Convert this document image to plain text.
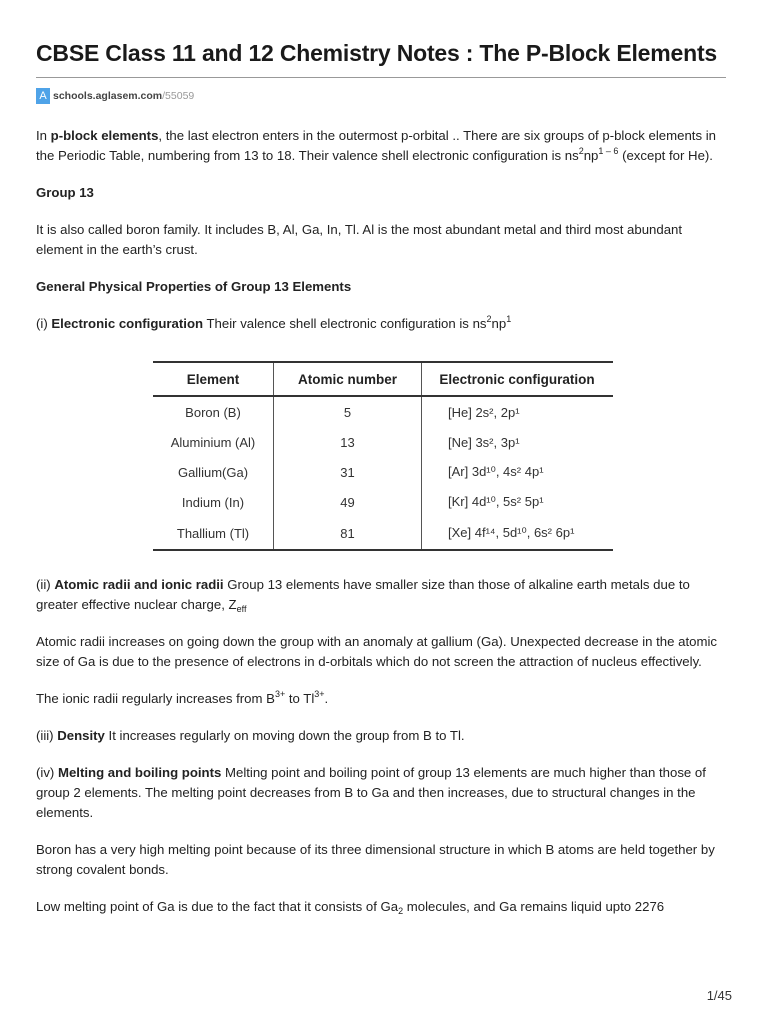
CBSE Class 11 and 12 Chemistry Notes : The P-Block Elements
A schools.aglasem.com /55059

In p-block elements, the last electron enters in the outermost p-orbital .. There are six groups of p-block elements in the Periodic Table, numbering from 13 to 18. Their valence shell electronic configuration is $ns^2np^{1 - 6}$ (except for He).

Group 13

It is also called boron family. It includes B, Al, Ga, In, Tl. Al is the most abundant metal and third most abundant element in the earth’s crust.

General Physical Properties of Group 13 Elements

(i) Electronic configuration Their valence shell electronic configuration is $ns^2np^1$

Element	Atomic number	Electronic configuration
Boron (B)	5	[He] 2s², 2p¹
Aluminium (Al)	13	[Ne] 3s², 3p¹
Gallium(Ga)	31	[Ar] 3d¹⁰, 4s² 4p¹
Indium (In)	49	[Kr] 4d¹⁰, 5s² 5p¹
Thallium (Tl)	81	[Xe] 4f¹⁴, 5d¹⁰, 6s² 6p¹

(ii) Atomic radii and ionic radii Group 13 elements have smaller size than those of alkaline earth metals due to greater effective nuclear charge, $Z_{eff}$

Atomic radii increases on going down the group with an anomaly at gallium (Ga). Unexpected decrease in the atomic size of Ga is due to the presence of electrons in d-orbitals which do not screen the attraction of nucleus effectively.

The ionic radii regularly increases from $B^{3+}$ to $Tl^{3+}$.

(iii) Density It increases regularly on moving down the group from B to Tl.

(iv) Melting and boiling points Melting point and boiling point of group 13 elements are much higher than those of group 2 elements. The melting point decreases from B to Ga and then increases, due to structural changes in the elements.

Boron has a very high melting point because of its three dimensional structure in which B atoms are held together by strong covalent bonds.

Low melting point of Ga is due to the fact that it consists of $Ga_2$ molecules, and Ga remains liquid upto 2276

1/45
